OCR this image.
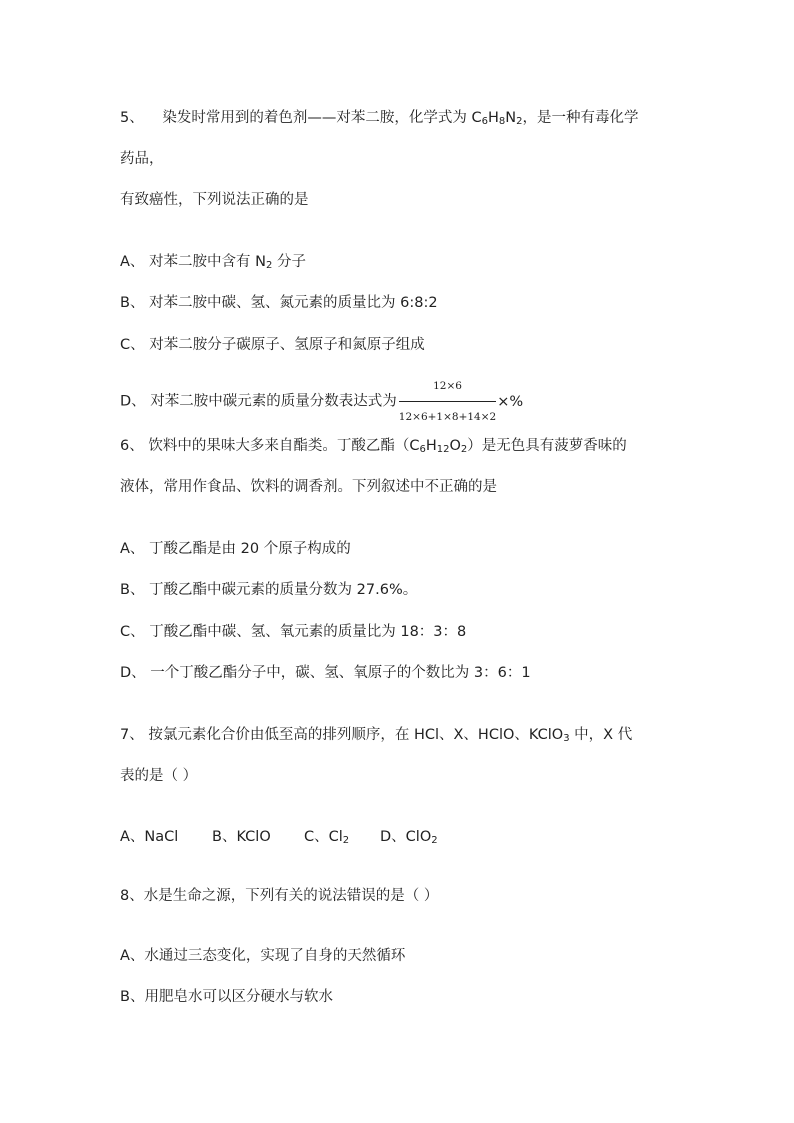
5、 染发时常用到的着色剂——对苯二胺，化学式为 C6H8N2，是一种有毒化学
药品，
有致癌性，下列说法正确的是
A、 对苯二胺中含有 N2 分子
B、 对苯二胺中碳、氢、氮元素的质量比为 6:8:2
C、 对苯二胺分子碳原子、氢原子和氮原子组成
D、 对苯二胺中碳元素的质量分数表达式为 $\frac{12\times 6}{12\times 6+1\times 8+14\times 2}$ ×%
6、 饮料中的果味大多来自酯类。丁酸乙酯（C6H12O2）是无色具有菠萝香味的
液体，常用作食品、饮料的调香剂。下列叙述中不正确的是
A、 丁酸乙酯是由 20 个原子构成的
B、 丁酸乙酯中碳元素的质量分数为 27.6%。
C、 丁酸乙酯中碳、氢、氧元素的质量比为 18：3：8
D、 一个丁酸乙酯分子中，碳、氢、氧原子的个数比为 3：6：1
7、 按氯元素化合价由低至高的排列顺序，在 HCl、X、HClO、KClO3 中，X 代
表的是（ ）
A、NaCl B、KClO C、Cl2 D、ClO2
8、水是生命之源，下列有关的说法错误的是（ ）
A、水通过三态变化，实现了自身的天然循环
B、用肥皂水可以区分硬水与软水
